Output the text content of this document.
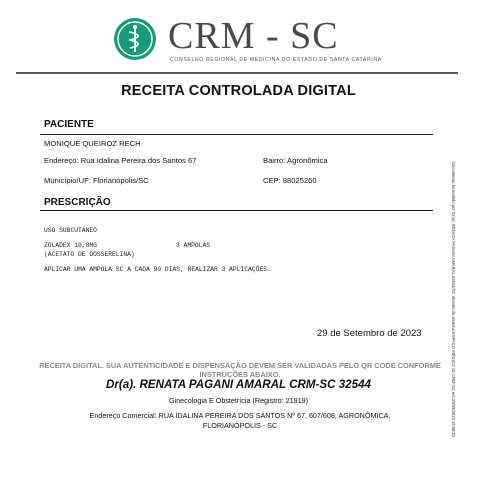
CRM - SC
CONSELHO REGIONAL DE MEDICINA DO ESTADO DE SANTA CATARINA
RECEITA CONTROLADA DIGITAL
PACIENTE
MONIQUE QUEIROZ RECH
Endereço: Rua Idalina Pereira dos Santos 67	Bairro: Agronômica
Município/UF: Florianópolis/SC	CEP: 88025260
PRESCRIÇÃO
USO SUBCUTANEO
ZOLADEX 10,8MG	3 AMPOLAS
(ACETATO DE GOSSERELINA)
APLICAR UMA AMPOLA SC A CADA 90 DIAS, REALIZAR 3 APLICAÇÕES.
29 de Setembro de 2023
RECEITA DIGITAL. SUA AUTENTICIDADE E DISPENSAÇÃO DEVEM SER VALIDADAS PELO QR CODE CONFORME INSTRUÇÕES ABAIXO.
Dr(a). RENATA PAGANI AMARAL CRM-SC 32544
Ginecologia E Obstetrícia (Registro: 21919)
Endereço Comercial: RUA IDALINA PEREIRA DOS SANTOS Nº 67, 607/608, AGRONÔMICA, FLORIANÓPOLIS - SC	Documento foi emitido por Dr(a). RENATA PAGANI AMARAL 32544/SC através do sistema ESPAÇO MÉDICO do CRM-SC em 29/09/2023 15:58:22
